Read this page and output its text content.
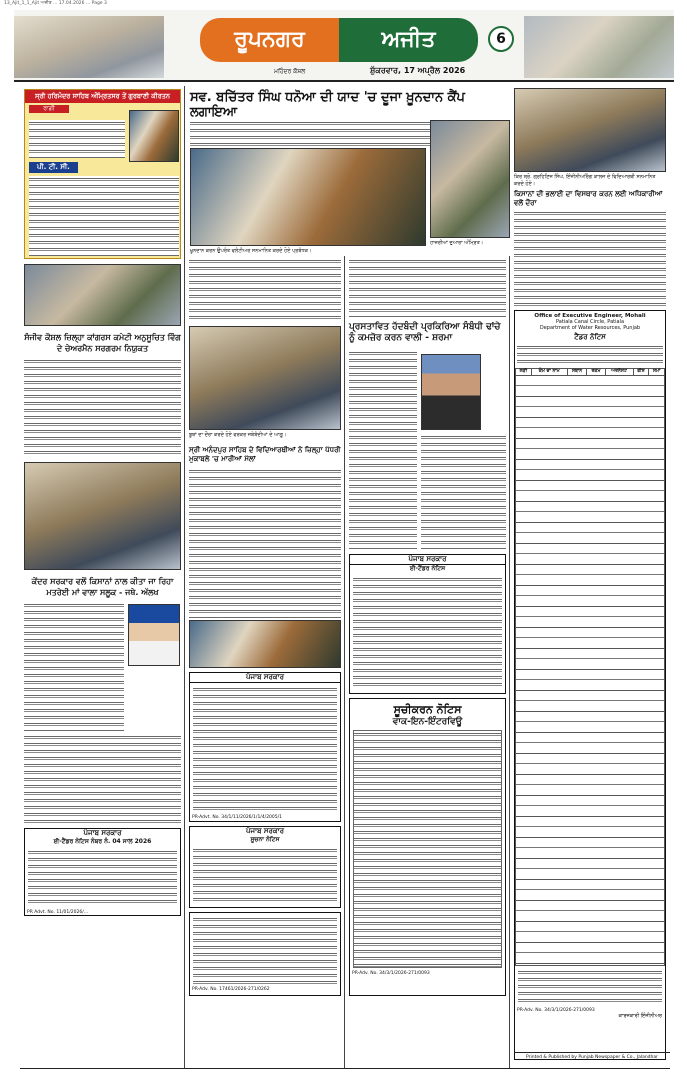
13_Ajit_1_1_Ajit ਅਜੀਤ ... 17.04.2026 ... Page 3
ਰੂਪਨਗਰ	ਅਜੀਤ	6
ਮਹਿੰਦਰ ਕੌਸ਼ਲ	ਸ਼ੁੱਕਰਵਾਰ, 17 ਅਪ੍ਰੈਲ 2026
ਸ੍ਰੀ ਹਰਿਮੰਦਰ ਸਾਹਿਬ ਅੰਮ੍ਰਿਤਸਰ ਤੋਂ ਗੁਰਬਾਣੀ ਕੀਰਤਨ
ਰਾਗੀ
ਪੀ. ਟੀ. ਸੀ.
ਸੰਜੀਵ ਕੌਸ਼ਲ ਜ਼ਿਲ੍ਹਾ ਕਾਂਗਰਸ ਕਮੇਟੀ ਅਨੁਸੂਚਿਤ ਵਿੰਗ ਦੇ ਚੇਅਰਮੈਨ ਸਰਗਰਮ ਨਿਯੁਕਤ
ਕੇਂਦਰ ਸਰਕਾਰ ਵਲੋਂ ਕਿਸਾਨਾਂ ਨਾਲ ਕੀਤਾ ਜਾ ਰਿਹਾ ਮਤਰੇਈ ਮਾਂ ਵਾਲਾ ਸਲੂਕ - ਜਥੇ. ਅੱਲਖ
ਪੰਜਾਬ ਸਰਕਾਰ
ਈ-ਟੈਂਡਰ ਨੋਟਿਸ ਨੰਬਰ ਨੰ. 04 ਸਾਲ 2026
PR Advt. No. 11/01/2026/...
ਸਵ. ਬਚਿੱਤਰ ਸਿੰਘ ਧਨੋਆ ਦੀ ਯਾਦ 'ਚ ਦੂਜਾ ਖ਼ੂਨਦਾਨ ਕੈਂਪ ਲਗਾਇਆ
ਖ਼ੂਨਦਾਨ ਕਰਨ ਉਪਰੰਤ ਵਲੰਟੀਅਰ ਸਨਮਾਨਿਤ ਕਰਦੇ ਹੋਏ ਪ੍ਰਬੰਧਕ।
ਹਾਜ਼ਰੀਆਂ ਦੁਆਰਾ ਅੰਮ੍ਰਿਤ।
ਬੂਥਾਂ ਦਾ ਦੌਰਾ ਕਰਦੇ ਹੋਏ ਵਰਕਰ ਜਥੇਬੰਦੀਆਂ ਦੇ ਆਗੂ।
ਸ੍ਰੀ ਅਨੰਦਪੁਰ ਸਾਹਿਬ ਦੇ ਵਿਦਿਆਰਥੀਆਂ ਨੇ ਜ਼ਿਲ੍ਹਾ ਪੱਧਰੀ ਮੁਕਾਬਲੇ 'ਚ ਮਾਰੀਆਂ ਮੱਲਾਂ
ਪੰਜਾਬ ਸਰਕਾਰ
PR-Advt. No. 34/1/11/2026/1/1/4/2005/1
ਪੰਜਾਬ ਸਰਕਾਰ
ਸੂਚਨਾ ਨੋਟਿਸ
PR-Adv. No. 17461/2026-271/0262
ਪ੍ਰਸਤਾਵਿਤ ਹੱਦਬੰਦੀ ਪ੍ਰਕਿਰਿਆ ਸੰਬੰਧੀ ਢਾਂਚੇ ਨੂੰ ਕਮਜ਼ੋਰ ਕਰਨ ਵਾਲੀ - ਸ਼ਰਮਾ
ਪੰਜਾਬ ਸਰਕਾਰ
ਈ-ਟੈਂਡਰ ਨੋਟਿਸ
ਸੂਚੀਕਰਨ ਨੋਟਿਸ
ਵਾਕ-ਇਨ-ਇੰਟਰਵਿਊ
PR-Adv. No. 34/3/1/2026-271/0093
ਕਿਰ ਸ਼੍ਰੋ. ਗ੍ਰਹਿਣਿਜ ਸਿੰਘ, ਇੰਜੀਨੀਅਰਿੰਗ ਕਾਲਜ ਦੇ ਵਿਦਿਆਰਥੀ ਸਨਮਾਨਿਤ ਕਰਦੇ ਹੋਏ।
ਕਿਸਾਨਾਂ ਦੀ ਭਲਾਈ ਦਾ ਵਿਸਥਾਰ ਕਰਨ ਲਈ ਅਧਿਕਾਰੀਆਂ ਵਲੋਂ ਦੌਰਾ
Office of Executive Engineer, Mohali
Patiala Canal Circle, Patiala
Department of Water Resources, Punjab
ਟੈਂਡਰ ਨੋਟਿਸ
ਲੜੀ	ਕੰਮ ਦਾ ਨਾਮ	ਸਥਾਨ	ਰਕਮ	ਅਰਨੈਸਟ	ਫੀਸ	ਸਮਾਂ
PR-Adv. No. 34/3/1/2026-271/0093
ਕਾਰਜਕਾਰੀ ਇੰਜੀਨੀਅਰ
Printed & Published by Punjab Newspaper & Co., Jalandhar
